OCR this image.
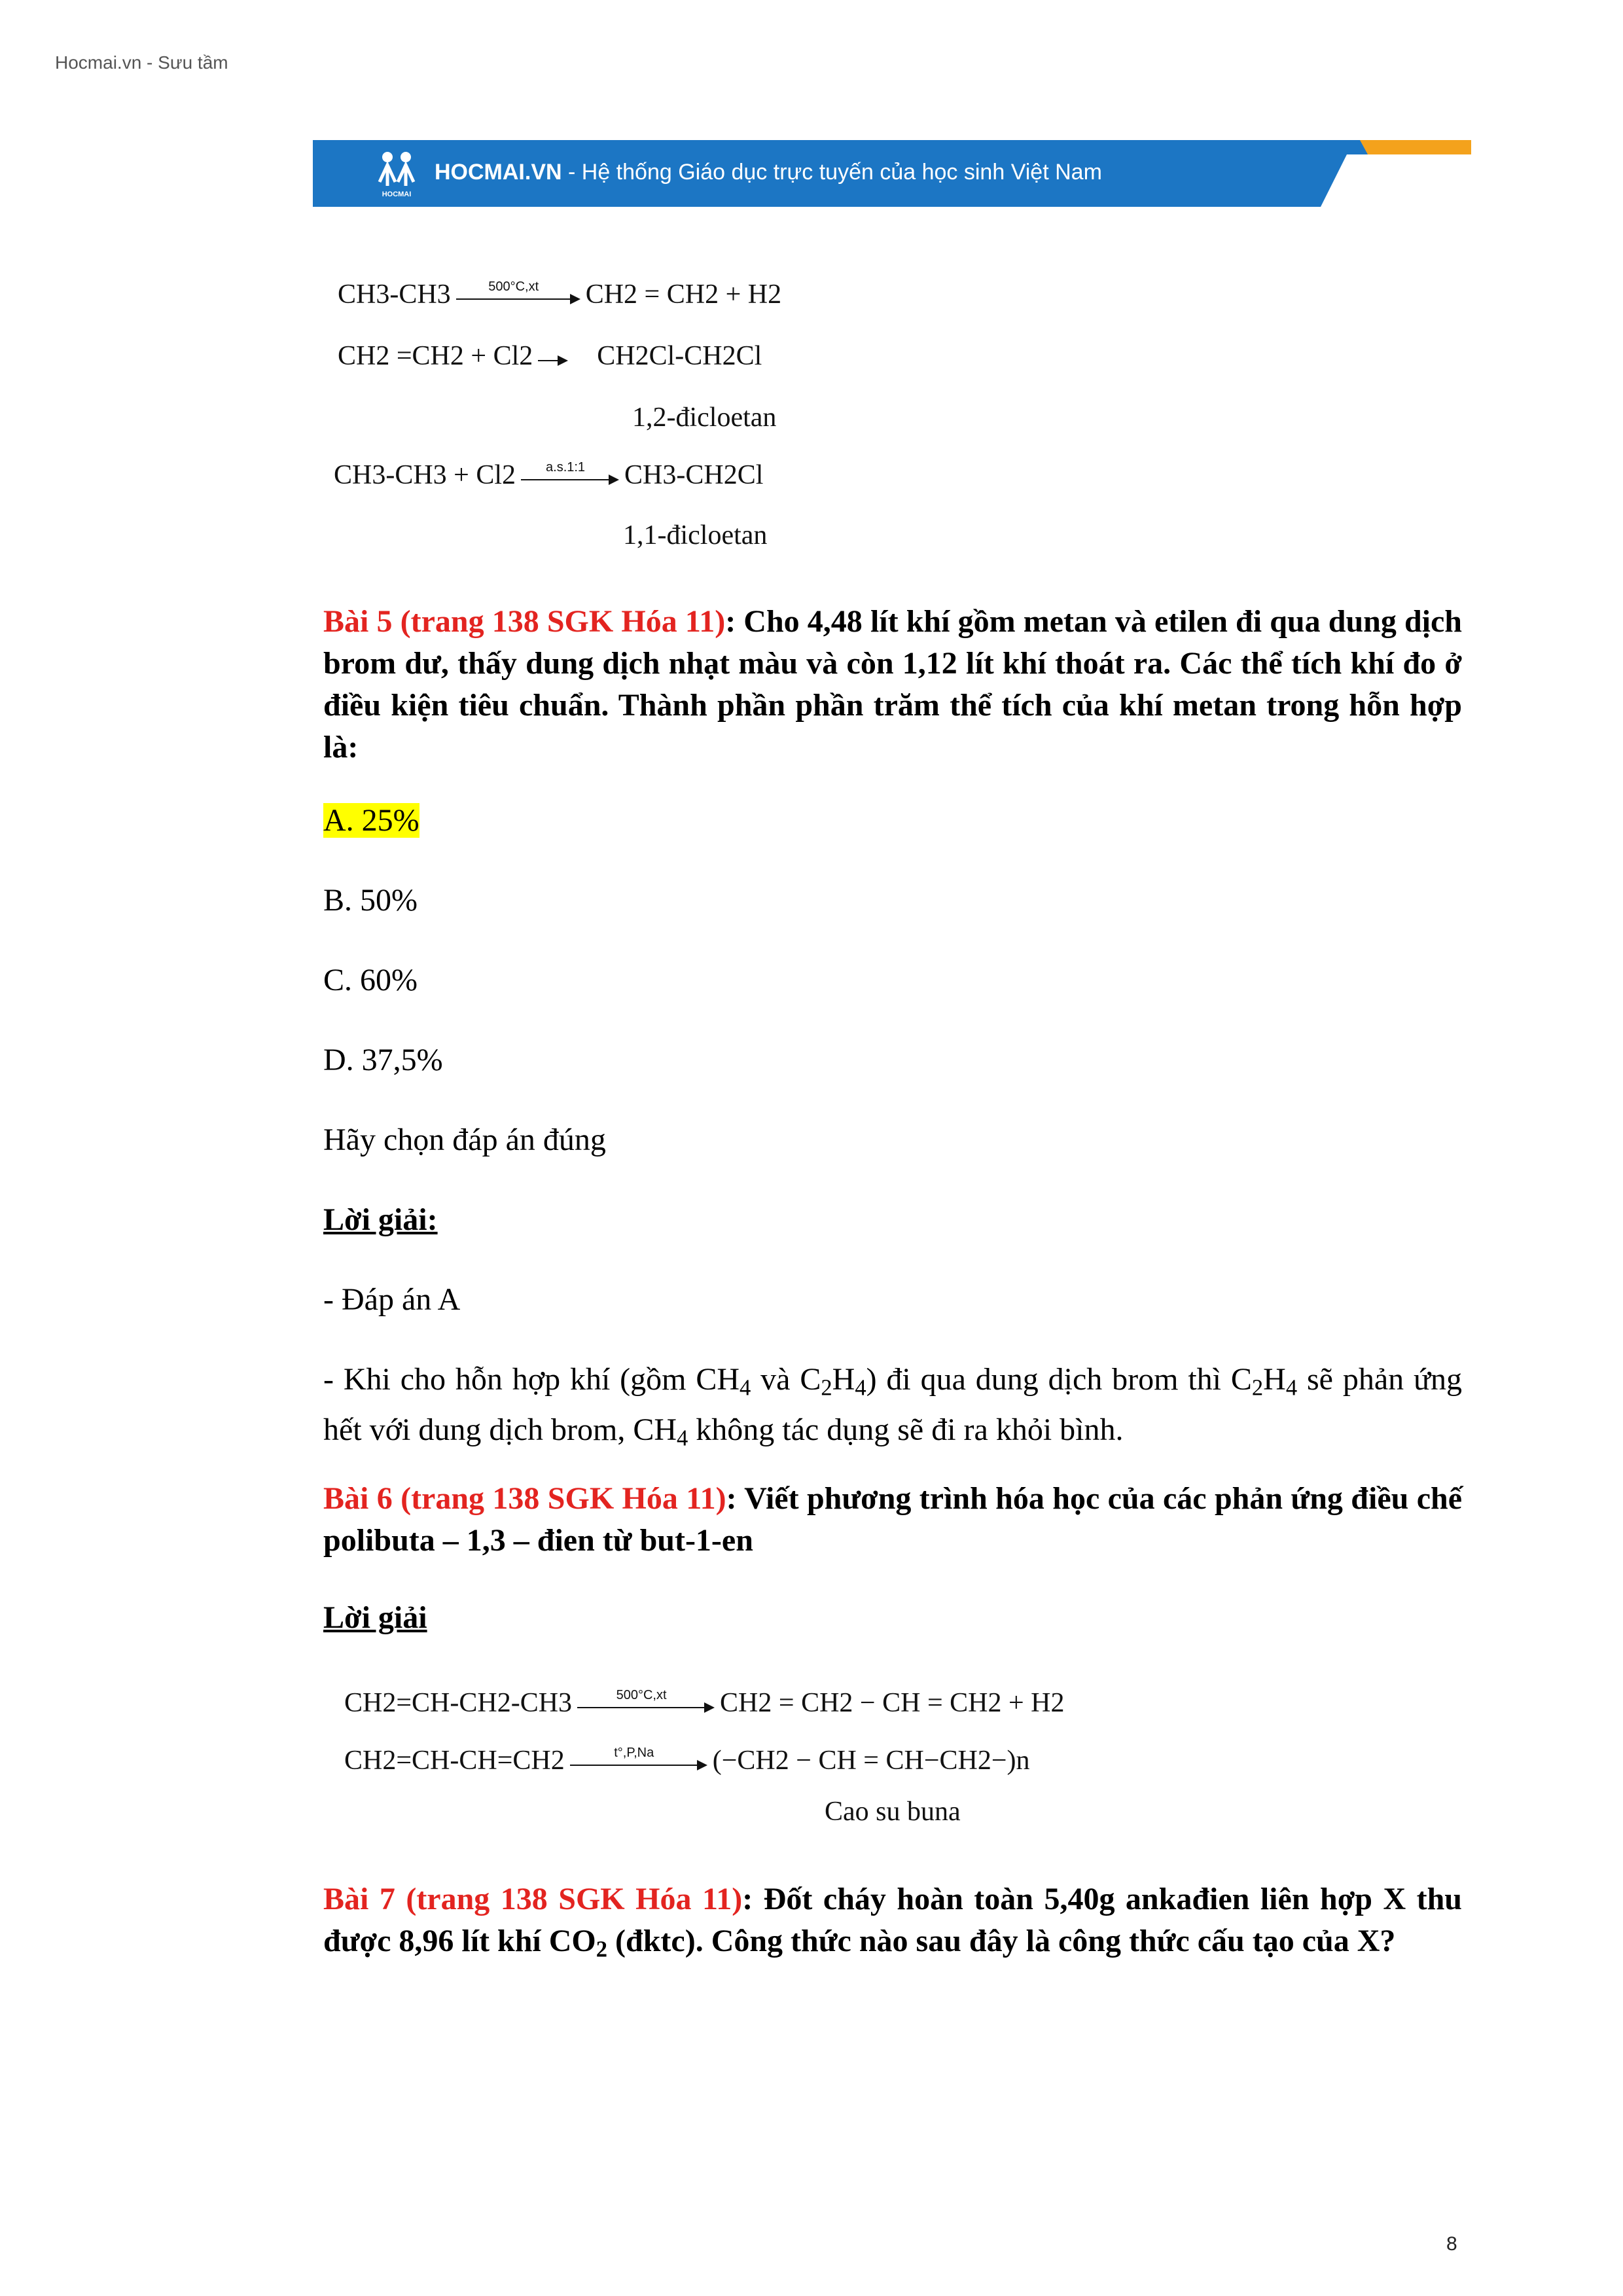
Hocmai.vn - Sưu tầm
HOCMAI
HOCMAI.VN - Hệ thống Giáo dục trực tuyến của học sinh Việt Nam
CH3-CH3	500°C,xt	CH2 = CH2 + H2
CH2 =CH2 + Cl2 CH2Cl-CH2Cl
1,2-đicloetan
CH3-CH3 + Cl2	a.s.1:1	CH3-CH2Cl
1,1-đicloetan
Bài 5 (trang 138 SGK Hóa 11): Cho 4,48 lít khí gồm metan và etilen đi qua dung dịch brom dư, thấy dung dịch nhạt màu và còn 1,12 lít khí thoát ra. Các thể tích khí đo ở điều kiện tiêu chuẩn. Thành phần phần trăm thể tích của khí metan trong hỗn hợp là:
A. 25%
B. 50%
C. 60%
D. 37,5%
Hãy chọn đáp án đúng
Lời giải:
- Đáp án A
- Khi cho hỗn hợp khí (gồm $CH_4$ và $C_2H_4$) đi qua dung dịch brom thì $C_2H_4$ sẽ phản ứng hết với dung dịch brom, $CH_4$ không tác dụng sẽ đi ra khỏi bình.
Bài 6 (trang 138 SGK Hóa 11): Viết phương trình hóa học của các phản ứng điều chế polibuta – 1,3 – đien từ but-1-en
Lời giải
CH2=CH-CH2-CH3	500°C,xt	CH2 = CH2 − CH = CH2 + H2
CH2=CH-CH=CH2	t°,P,Na	(−CH2 − CH = CH−CH2−)n
Cao su buna
Bài 7 (trang 138 SGK Hóa 11): Đốt cháy hoàn toàn 5,40g ankađien liên hợp X thu được 8,96 lít khí $CO_2$ (đktc). Công thức nào sau đây là công thức cấu tạo của X?
8
